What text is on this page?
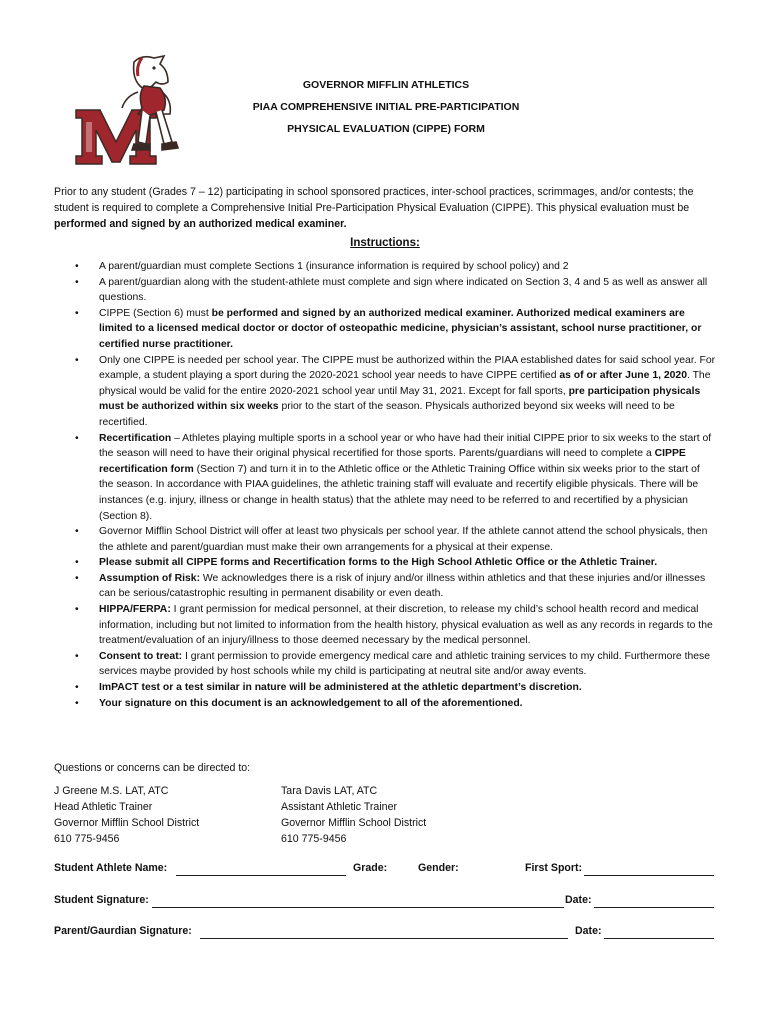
GOVERNOR MIFFLIN ATHLETICS
PIAA COMPREHENSIVE INITIAL PRE-PARTICIPATION
PHYSICAL EVALUATION (CIPPE) FORM
Prior to any student (Grades 7 – 12) participating in school sponsored practices, inter-school practices, scrimmages, and/or contests; the student is required to complete a Comprehensive Initial Pre-Participation Physical Evaluation (CIPPE). This physical evaluation must be performed and signed by an authorized medical examiner.
Instructions:
• A parent/guardian must complete Sections 1 (insurance information is required by school policy) and 2
• A parent/guardian along with the student-athlete must complete and sign where indicated on Section 3, 4 and 5 as well as answer all questions.
• CIPPE (Section 6) must be performed and signed by an authorized medical examiner. Authorized medical examiners are limited to a licensed medical doctor or doctor of osteopathic medicine, physician’s assistant, school nurse practitioner, or certified nurse practitioner.
• Only one CIPPE is needed per school year. The CIPPE must be authorized within the PIAA established dates for said school year. For example, a student playing a sport during the 2020-2021 school year needs to have CIPPE certified as of or after June 1, 2020. The physical would be valid for the entire 2020-2021 school year until May 31, 2021. Except for fall sports, pre participation physicals must be authorized within six weeks prior to the start of the season. Physicals authorized beyond six weeks will need to be recertified.
• Recertification – Athletes playing multiple sports in a school year or who have had their initial CIPPE prior to six weeks to the start of the season will need to have their original physical recertified for those sports. Parents/guardians will need to complete a CIPPE recertification form (Section 7) and turn it in to the Athletic office or the Athletic Training Office within six weeks prior to the start of the season. In accordance with PIAA guidelines, the athletic training staff will evaluate and recertify eligible physicals. There will be instances (e.g. injury, illness or change in health status) that the athlete may need to be referred to and recertified by a physician (Section 8).
• Governor Mifflin School District will offer at least two physicals per school year. If the athlete cannot attend the school physicals, then the athlete and parent/guardian must make their own arrangements for a physical at their expense.
• Please submit all CIPPE forms and Recertification forms to the High School Athletic Office or the Athletic Trainer.
• Assumption of Risk: We acknowledges there is a risk of injury and/or illness within athletics and that these injuries and/or illnesses can be serious/catastrophic resulting in permanent disability or even death.
• HIPPA/FERPA: I grant permission for medical personnel, at their discretion, to release my child’s school health record and medical information, including but not limited to information from the health history, physical evaluation as well as any records in regards to the treatment/evaluation of an injury/illness to those deemed necessary by the medical personnel.
• Consent to treat: I grant permission to provide emergency medical care and athletic training services to my child. Furthermore these services maybe provided by host schools while my child is participating at neutral site and/or away events.
• ImPACT test or a test similar in nature will be administered at the athletic department’s discretion.
• Your signature on this document is an acknowledgement to all of the aforementioned.
Questions or concerns can be directed to:
J Greene M.S. LAT, ATC
Head Athletic Trainer
Governor Mifflin School District
610 775-9456
Tara Davis LAT, ATC
Assistant Athletic Trainer
Governor Mifflin School District
610 775-9456
Student Athlete Name:	Grade:	Gender:	First Sport:
Student Signature:	Date:
Parent/Gaurdian Signature:	Date:
